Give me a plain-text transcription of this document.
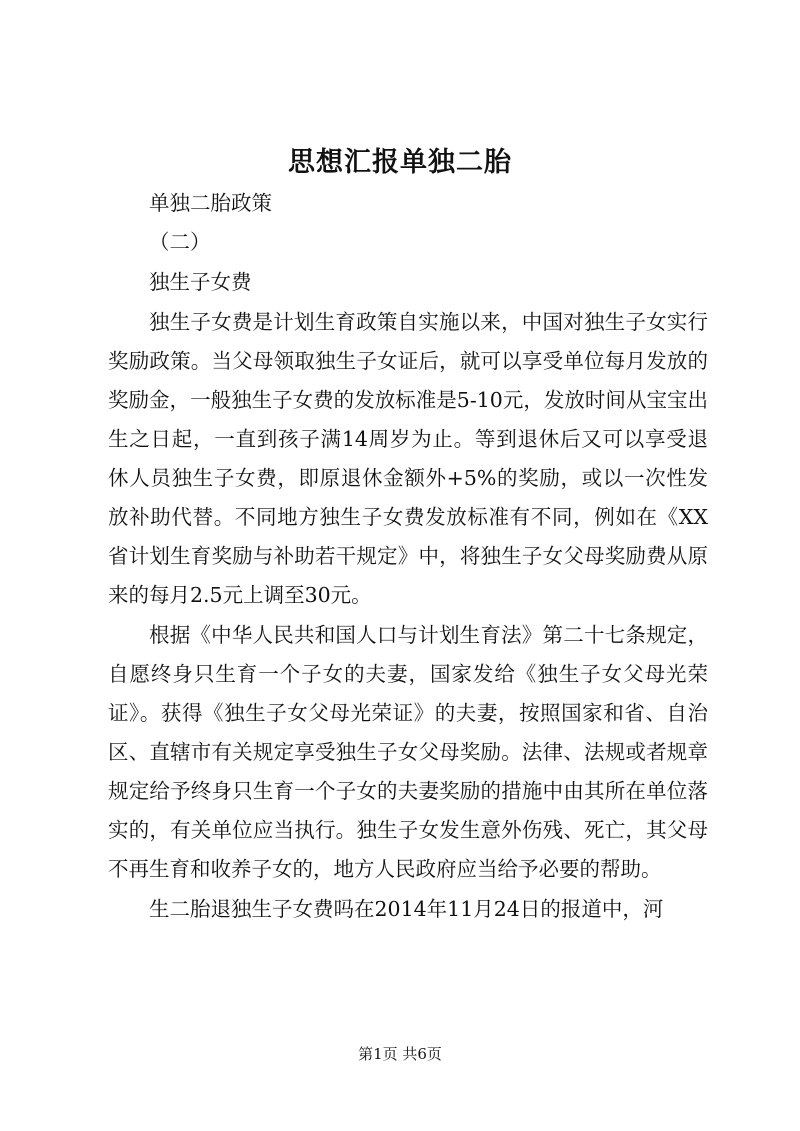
思想汇报单独二胎

单独二胎政策

（二）

独生子女费

独生子女费是计划生育政策自实施以来，中国对独生子女实行奖励政策。当父母领取独生子女证后，就可以享受单位每月发放的奖励金，一般独生子女费的发放标准是5-10元，发放时间从宝宝出生之日起，一直到孩子满14周岁为止。等到退休后又可以享受退休人员独生子女费，即原退休金额外+5%的奖励，或以一次性发放补助代替。不同地方独生子女费发放标准有不同，例如在《XX省计划生育奖励与补助若干规定》中，将独生子女父母奖励费从原来的每月2.5元上调至30元。

根据《中华人民共和国人口与计划生育法》第二十七条规定，自愿终身只生育一个子女的夫妻，国家发给《独生子女父母光荣证》。获得《独生子女父母光荣证》的夫妻，按照国家和省、自治区、直辖市有关规定享受独生子女父母奖励。法律、法规或者规章规定给予终身只生育一个子女的夫妻奖励的措施中由其所在单位落实的，有关单位应当执行。独生子女发生意外伤残、死亡，其父母不再生育和收养子女的，地方人民政府应当给予必要的帮助。

生二胎退独生子女费吗在2014年11月24日的报道中，河

第1页 共6页
